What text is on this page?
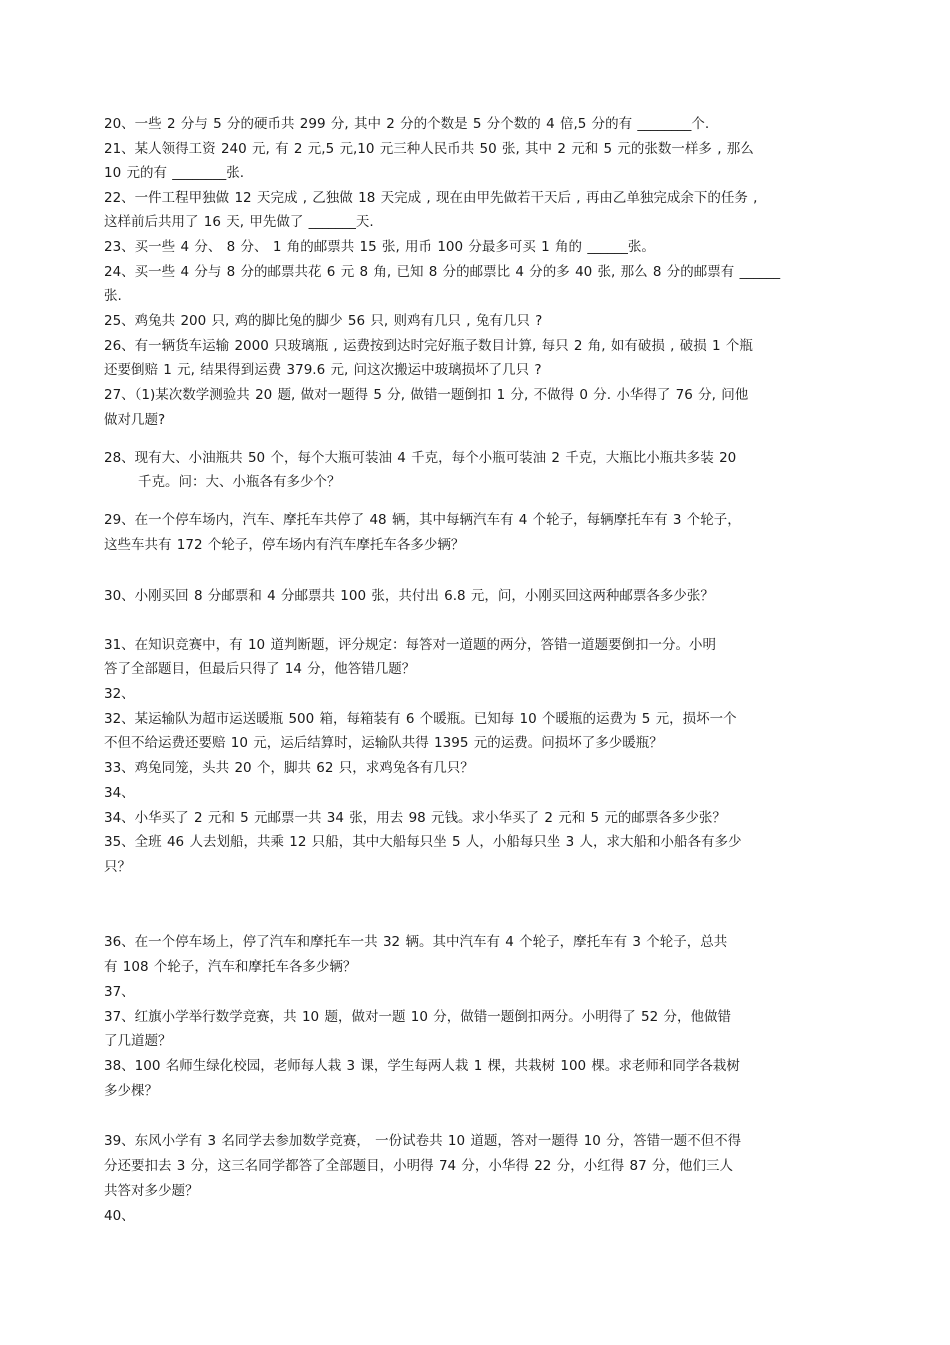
20、一些 2 分与 5 分的硬币共 299 分, 其中 2 分的个数是 5 分个数的 4 倍,5 分的有 ________个.
21、某人领得工资 240 元, 有 2 元,5 元,10 元三种人民币共 50 张, 其中 2 元和 5 元的张数一样多 , 那么
10 元的有 ________张.
22、一件工程甲独做 12 天完成 , 乙独做 18 天完成 , 现在由甲先做若干天后 , 再由乙单独完成余下的任务 ,
这样前后共用了 16 天, 甲先做了 _______天.
23、买一些 4 分、 8 分、 1 角的邮票共 15 张, 用币 100 分最多可买 1 角的 ______张。
24、买一些 4 分与 8 分的邮票共花 6 元 8 角, 已知 8 分的邮票比 4 分的多 40 张, 那么 8 分的邮票有 ______
张.
25、鸡兔共 200 只, 鸡的脚比兔的脚少 56 只, 则鸡有几只 , 兔有几只 ?
26、有一辆货车运输 2000 只玻璃瓶 , 运费按到达时完好瓶子数目计算, 每只 2 角, 如有破损 , 破损 1 个瓶
还要倒赔 1 元, 结果得到运费 379.6 元, 问这次搬运中玻璃损坏了几只 ?
27、（1)某次数学测验共 20 题, 做对一题得 5 分, 做错一题倒扣 1 分, 不做得 0 分. 小华得了 76 分, 问他
做对几题?
28、现有大、小油瓶共 50 个，每个大瓶可装油 4 千克，每个小瓶可装油 2 千克，大瓶比小瓶共多装 20
千克。问：大、小瓶各有多少个？
29、在一个停车场内，汽车、摩托车共停了 48 辆，其中每辆汽车有 4 个轮子，每辆摩托车有 3 个轮子，
这些车共有 172 个轮子，停车场内有汽车摩托车各多少辆？
30、小刚买回 8 分邮票和 4 分邮票共 100 张，共付出 6.8 元，问，小刚买回这两种邮票各多少张？
31、在知识竞赛中，有 10 道判断题，评分规定：每答对一道题的两分，答错一道题要倒扣一分。小明
答了全部题目，但最后只得了 14 分，他答错几题？
32、
32、某运输队为超市运送暖瓶 500 箱，每箱装有 6 个暖瓶。已知每 10 个暖瓶的运费为 5 元，损坏一个
不但不给运费还要赔 10 元，运后结算时，运输队共得 1395 元的运费。问损坏了多少暖瓶？
33、鸡兔同笼，头共 20 个，脚共 62 只，求鸡兔各有几只？
34、
34、小华买了 2 元和 5 元邮票一共 34 张，用去 98 元钱。求小华买了 2 元和 5 元的邮票各多少张？
35、全班 46 人去划船，共乘 12 只船，其中大船每只坐 5 人，小船每只坐 3 人，求大船和小船各有多少
只？
36、在一个停车场上，停了汽车和摩托车一共 32 辆。其中汽车有 4 个轮子，摩托车有 3 个轮子，总共
有 108 个轮子，汽车和摩托车各多少辆？
37、
37、红旗小学举行数学竞赛，共 10 题，做对一题 10 分，做错一题倒扣两分。小明得了 52 分，他做错
了几道题？
38、100 名师生绿化校园，老师每人栽 3 课，学生每两人栽 1 棵，共栽树 100 棵。求老师和同学各栽树
多少棵？
39、东风小学有 3 名同学去参加数学竞赛， 一份试卷共 10 道题，答对一题得 10 分，答错一题不但不得
分还要扣去 3 分，这三名同学都答了全部题目，小明得 74 分，小华得 22 分，小红得 87 分，他们三人
共答对多少题？
40、
